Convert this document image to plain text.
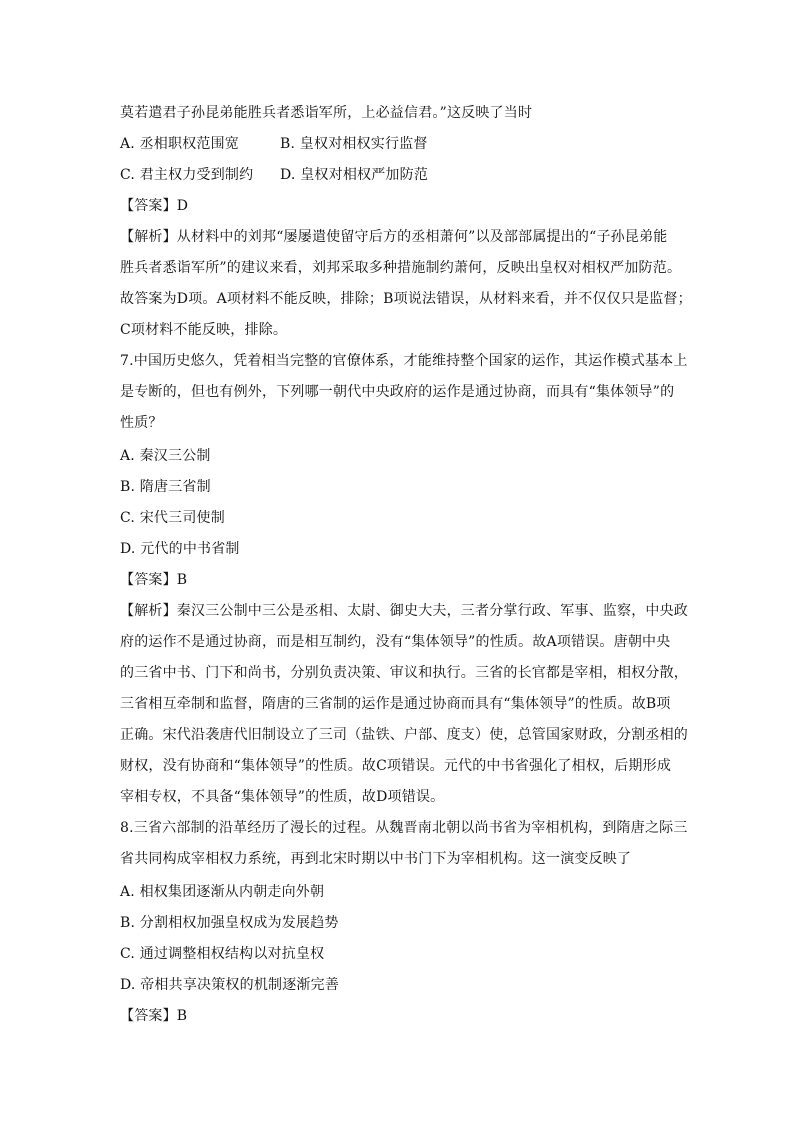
莫若遣君子孙昆弟能胜兵者悉诣军所，上必益信君。”这反映了当时
A. 丞相职权范围宽	B. 皇权对相权实行监督
C. 君主权力受到制约	D. 皇权对相权严加防范
【答案】D
【解析】从材料中的刘邦“屡屡遣使留守后方的丞相萧何”以及部部属提出的“子孙昆弟能
胜兵者悉诣军所”的建议来看，刘邦采取多种措施制约萧何，反映出皇权对相权严加防范。
故答案为D项。A项材料不能反映，排除；B项说法错误，从材料来看，并不仅仅只是监督；
C项材料不能反映，排除。
7.中国历史悠久，凭着相当完整的官僚体系，才能维持整个国家的运作，其运作模式基本上
是专断的，但也有例外，下列哪一朝代中央政府的运作是通过协商，而具有“集体领导”的
性质？
A. 秦汉三公制
B. 隋唐三省制
C. 宋代三司使制
D. 元代的中书省制
【答案】B
【解析】秦汉三公制中三公是丞相、太尉、御史大夫，三者分掌行政、军事、监察，中央政
府的运作不是通过协商，而是相互制约，没有“集体领导”的性质。故A项错误。唐朝中央
的三省中书、门下和尚书，分别负责决策、审议和执行。三省的长官都是宰相，相权分散，
三省相互牵制和监督，隋唐的三省制的运作是通过协商而具有“集体领导”的性质。故B项
正确。宋代沿袭唐代旧制设立了三司（盐铁、户部、度支）使，总管国家财政，分割丞相的
财权，没有协商和“集体领导”的性质。故C项错误。元代的中书省强化了相权，后期形成
宰相专权，不具备“集体领导”的性质，故D项错误。
8.三省六部制的沿革经历了漫长的过程。从魏晋南北朝以尚书省为宰相机构，到隋唐之际三
省共同构成宰相权力系统，再到北宋时期以中书门下为宰相机构。这一演变反映了
A. 相权集团逐渐从内朝走向外朝
B. 分割相权加强皇权成为发展趋势
C. 通过调整相权结构以对抗皇权
D. 帝相共享决策权的机制逐渐完善
【答案】B
